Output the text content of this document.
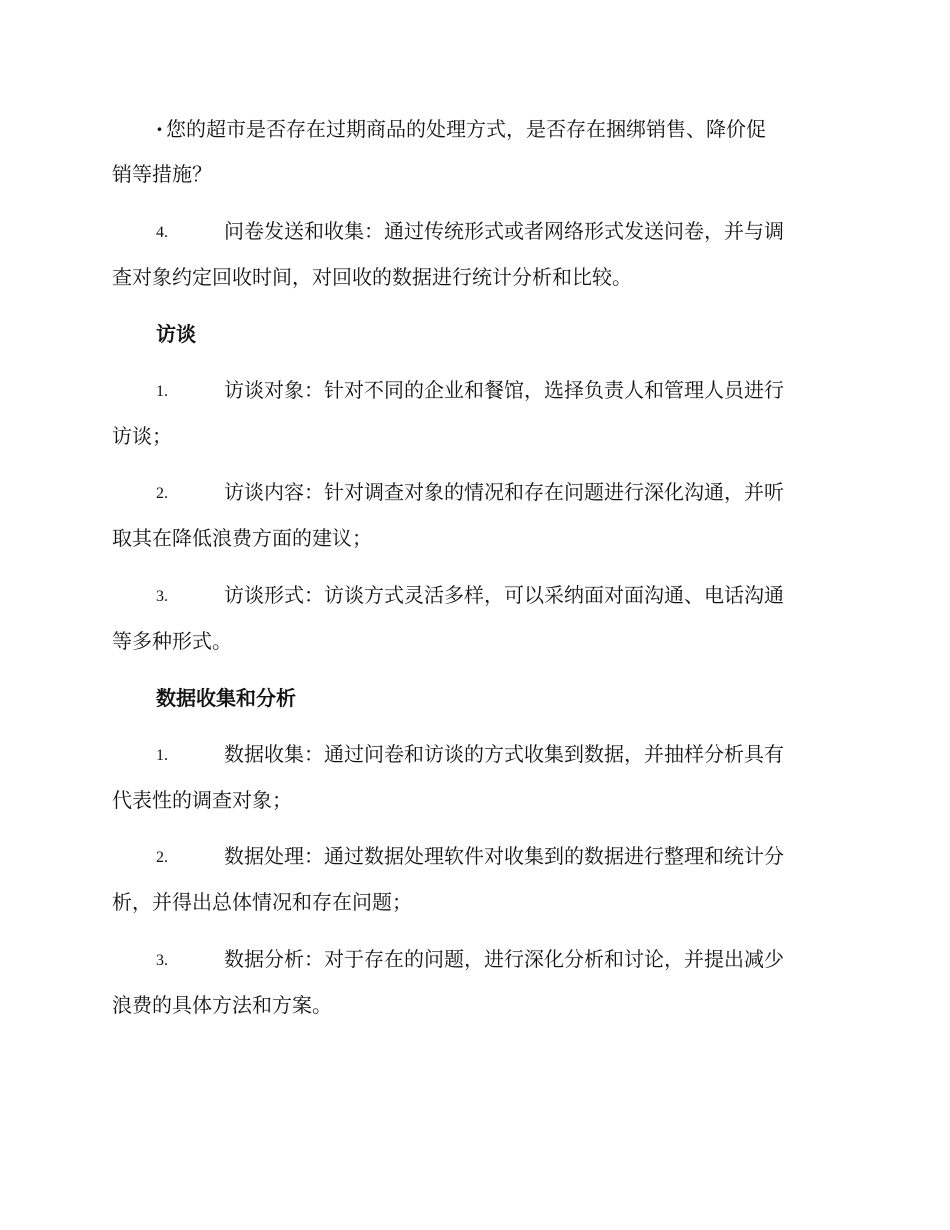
· 您的超市是否存在过期商品的处理方式，是否存在捆绑销售、降价促
销等措施？
4.	问卷发送和收集：通过传统形式或者网络形式发送问卷，并与调
查对象约定回收时间，对回收的数据进行统计分析和比较。
访谈
1.	访谈对象：针对不同的企业和餐馆，选择负责人和管理人员进行
访谈；
2.	访谈内容：针对调查对象的情况和存在问题进行深化沟通，并听
取其在降低浪费方面的建议；
3.	访谈形式：访谈方式灵活多样，可以采纳面对面沟通、电话沟通
等多种形式。
数据收集和分析
1.	数据收集：通过问卷和访谈的方式收集到数据，并抽样分析具有
代表性的调查对象；
2.	数据处理：通过数据处理软件对收集到的数据进行整理和统计分
析，并得出总体情况和存在问题；
3.	数据分析：对于存在的问题，进行深化分析和讨论，并提出减少
浪费的具体方法和方案。
